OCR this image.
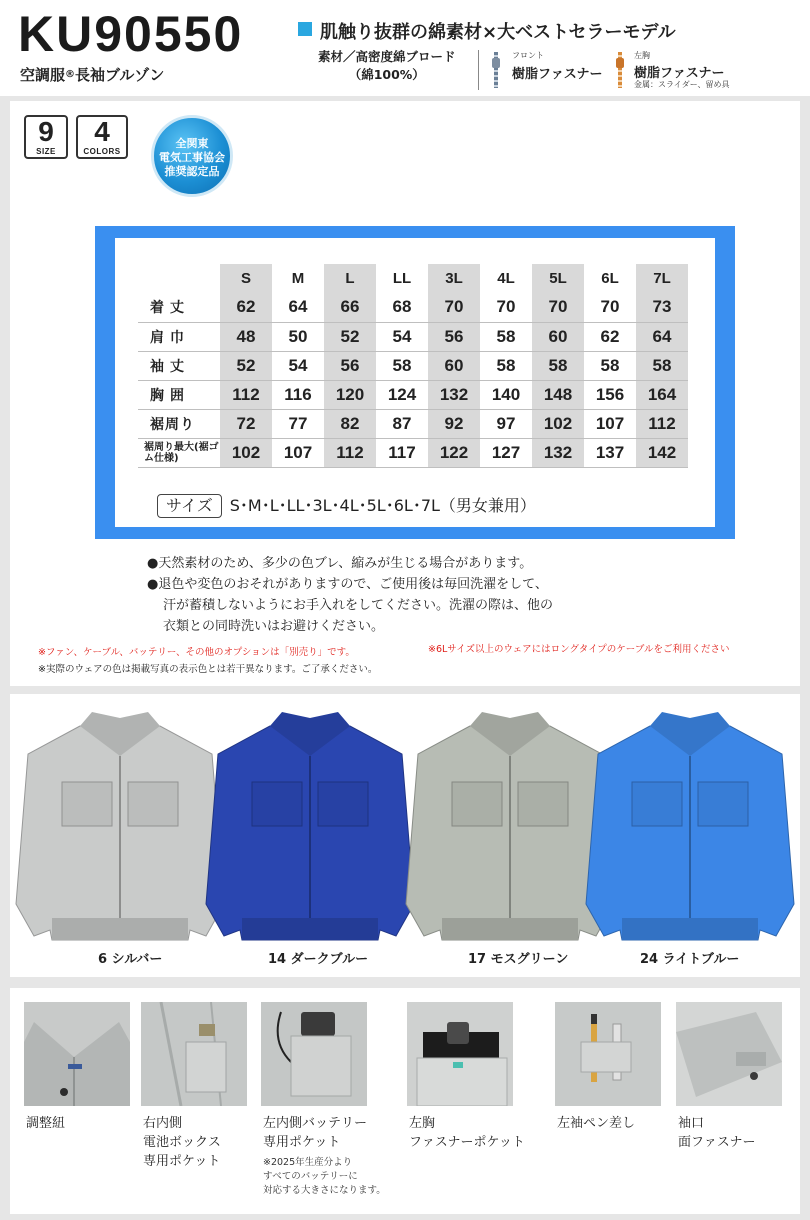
KU90550
空調服®長袖ブルゾン
肌触り抜群の綿素材×大ベストセラーモデル
素材／高密度綿ブロード
（綿100%）
フロント
樹脂ファスナー
左胸
樹脂ファスナー
金属：スライダー、留め具
9
SIZE
4
COLORS
全関東
電気工事協会
推奨認定品
	S	M	L	LL	3L	4L	5L	6L	7L
着丈	62	64	66	68	70	70	70	70	73
肩巾	48	50	52	54	56	58	60	62	64
袖丈	52	54	56	58	60	58	58	58	58
胸囲	112	116	120	124	132	140	148	156	164
裾周り	72	77	82	87	92	97	102	107	112
裾周り最大(裾ゴム仕様)	102	107	112	117	122	127	132	137	142
サイズ S･M･L･LL･3L･4L･5L･6L･7L（男女兼用）

●天然素材のため、多少の色ブレ、縮みが生じる場合があります。

●退色や変色のおそれがありますので、ご使用後は毎回洗濯をして、

汗が蓄積しないようにお手入れをしてください。洗濯の際は、他の

衣類との同時洗いはお避けください。

※ファン、ケーブル、バッテリー、その他のオプションは「別売り」です。	※6Lサイズ以上のウェアにはロングタイプのケーブルをご利用ください
※実際のウェアの色は掲載写真の表示色とは若干異なります。ご了承ください。
6 シルバー	14 ダークブルー	17 モスグリーン	24 ライトブルー
調整紐	右内側
電池ボックス
専用ポケット
左内側バッテリー
専用ポケット
※2025年生産分より
すべてのバッテリーに
対応する大きさになります。
左胸
ファスナーポケット
左袖ペン差し	袖口
面ファスナー
